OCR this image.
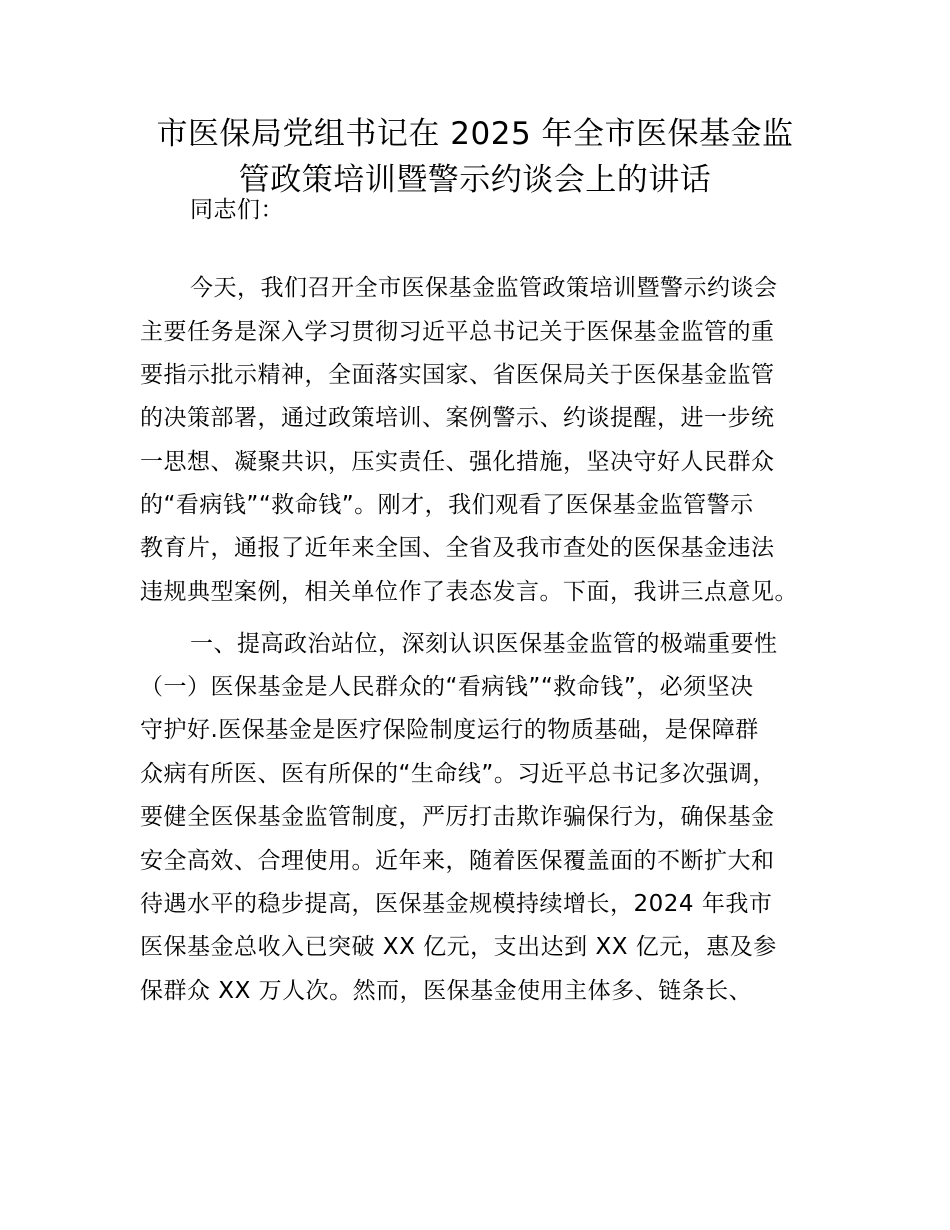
市医保局党组书记在 2025 年全市医保基金监
管政策培训暨警示约谈会上的讲话
同志们：
今天，我们召开全市医保基金监管政策培训暨警示约谈会
主要任务是深入学习贯彻习近平总书记关于医保基金监管的重
要指示批示精神，全面落实国家、省医保局关于医保基金监管
的决策部署，通过政策培训、案例警示、约谈提醒，进一步统
一思想、凝聚共识，压实责任、强化措施，坚决守好人民群众
的“看病钱”“救命钱”。刚才，我们观看了医保基金监管警示
教育片，通报了近年来全国、全省及我市查处的医保基金违法
违规典型案例，相关单位作了表态发言。下面，我讲三点意见。
一、提高政治站位，深刻认识医保基金监管的极端重要性
（一）医保基金是人民群众的“看病钱”“救命钱”，必须坚决
守护好.医保基金是医疗保险制度运行的物质基础，是保障群
众病有所医、医有所保的“生命线”。习近平总书记多次强调，
要健全医保基金监管制度，严厉打击欺诈骗保行为，确保基金
安全高效、合理使用。近年来，随着医保覆盖面的不断扩大和
待遇水平的稳步提高，医保基金规模持续增长，2024 年我市
医保基金总收入已突破 XX 亿元，支出达到 XX 亿元，惠及参
保群众 XX 万人次。然而，医保基金使用主体多、链条长、
